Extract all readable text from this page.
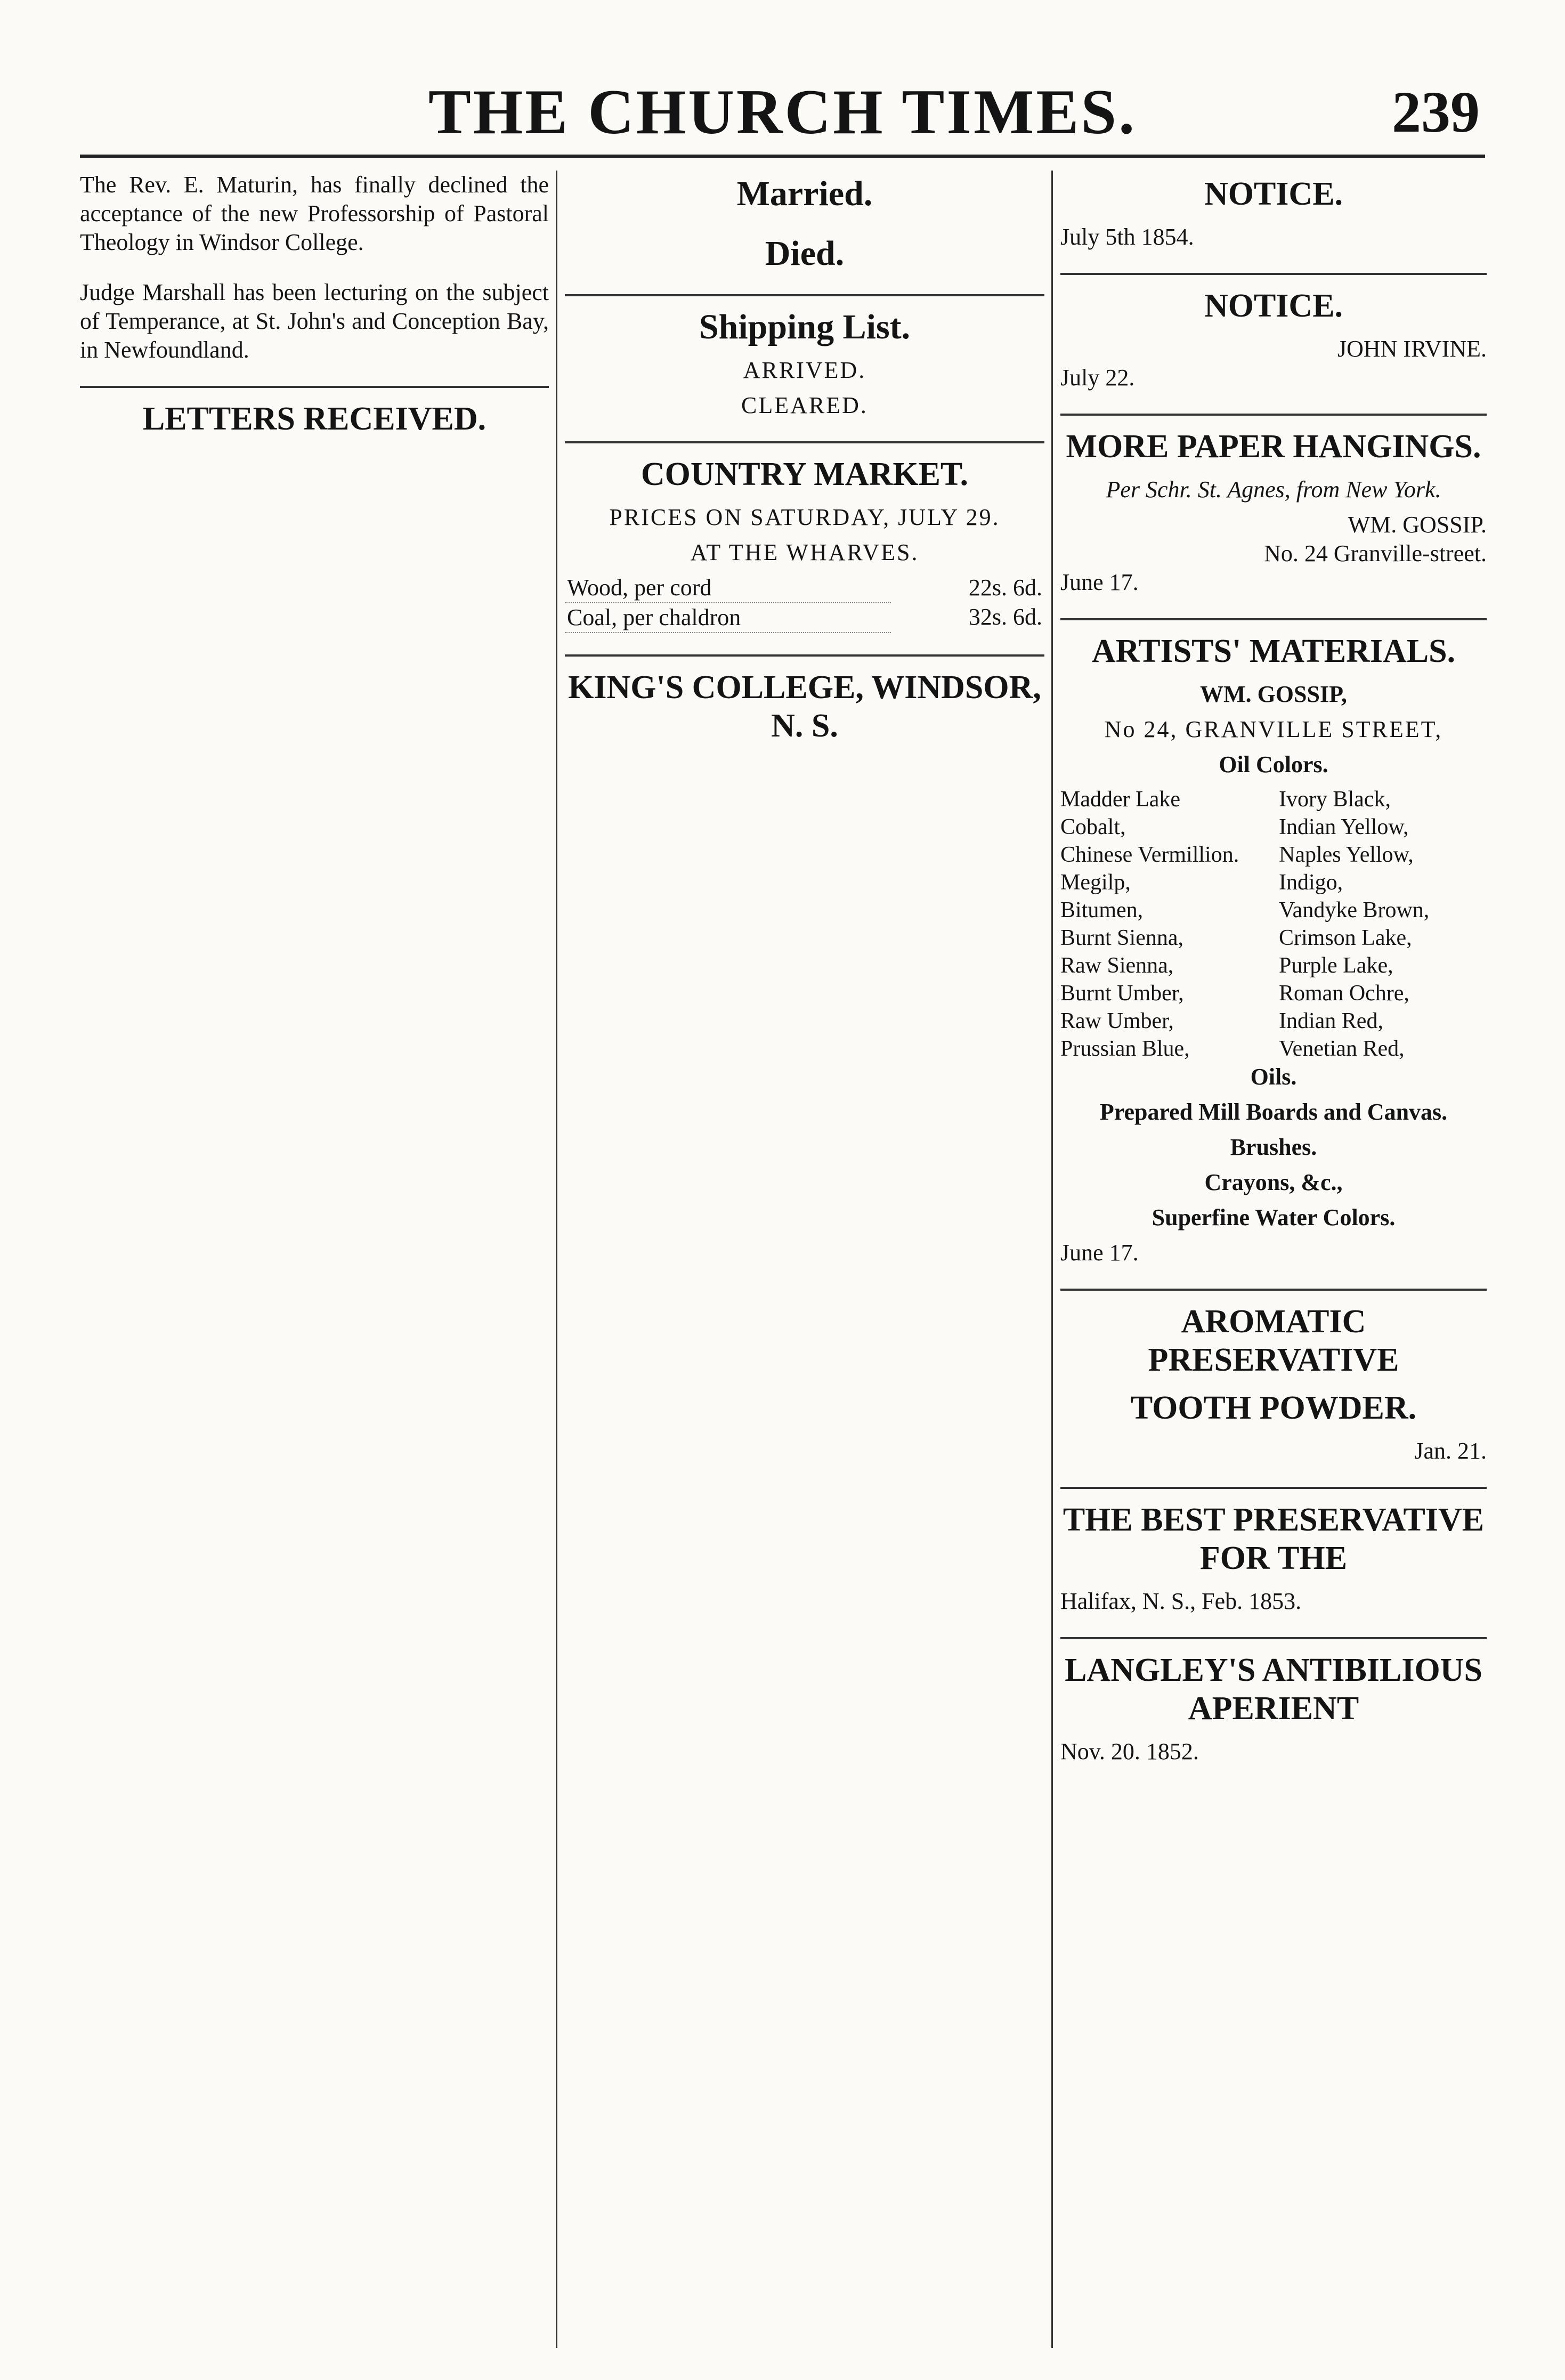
THE CHURCH TIMES.	239
The Rev. E. Maturin, has finally declined the acceptance of the new Professorship of Pastoral Theology in Windsor College.
Judge Marshall has been lecturing on the subject of Temperance, at St. John's and Conception Bay, in Newfoundland.
LETTERS RECEIVED.
Married.
Died.
Shipping List.
ARRIVED.
CLEARED.
COUNTRY MARKET.
PRICES ON SATURDAY, JULY 29.
AT THE WHARVES.
Wood, per cord	22s. 6d.
Coal, per chaldron	32s. 6d.
KING'S COLLEGE, WINDSOR, N. S.
NOTICE.
July 5th 1854.
NOTICE.
JOHN IRVINE.
July 22.
MORE PAPER HANGINGS.
Per Schr. St. Agnes, from New York.
WM. GOSSIP.
No. 24 Granville-street.
June 17.
ARTISTS' MATERIALS.
WM. GOSSIP,
No 24, GRANVILLE STREET,
Oil Colors.
Madder Lake	Ivory Black,
Cobalt,	Indian Yellow,
Chinese Vermillion.	Naples Yellow,
Megilp,	Indigo,
Bitumen,	Vandyke Brown,
Burnt Sienna,	Crimson Lake,
Raw Sienna,	Purple Lake,
Burnt Umber,	Roman Ochre,
Raw Umber,	Indian Red,
Prussian Blue,	Venetian Red,
Oils.
Prepared Mill Boards and Canvas.
Brushes.
Crayons, &c.,
Superfine Water Colors.
June 17.
AROMATIC PRESERVATIVE
TOOTH POWDER.
Jan. 21.
THE BEST PRESERVATIVE FOR THE
Halifax, N. S., Feb. 1853.
LANGLEY'S ANTIBILIOUS APERIENT
Nov. 20. 1852.
